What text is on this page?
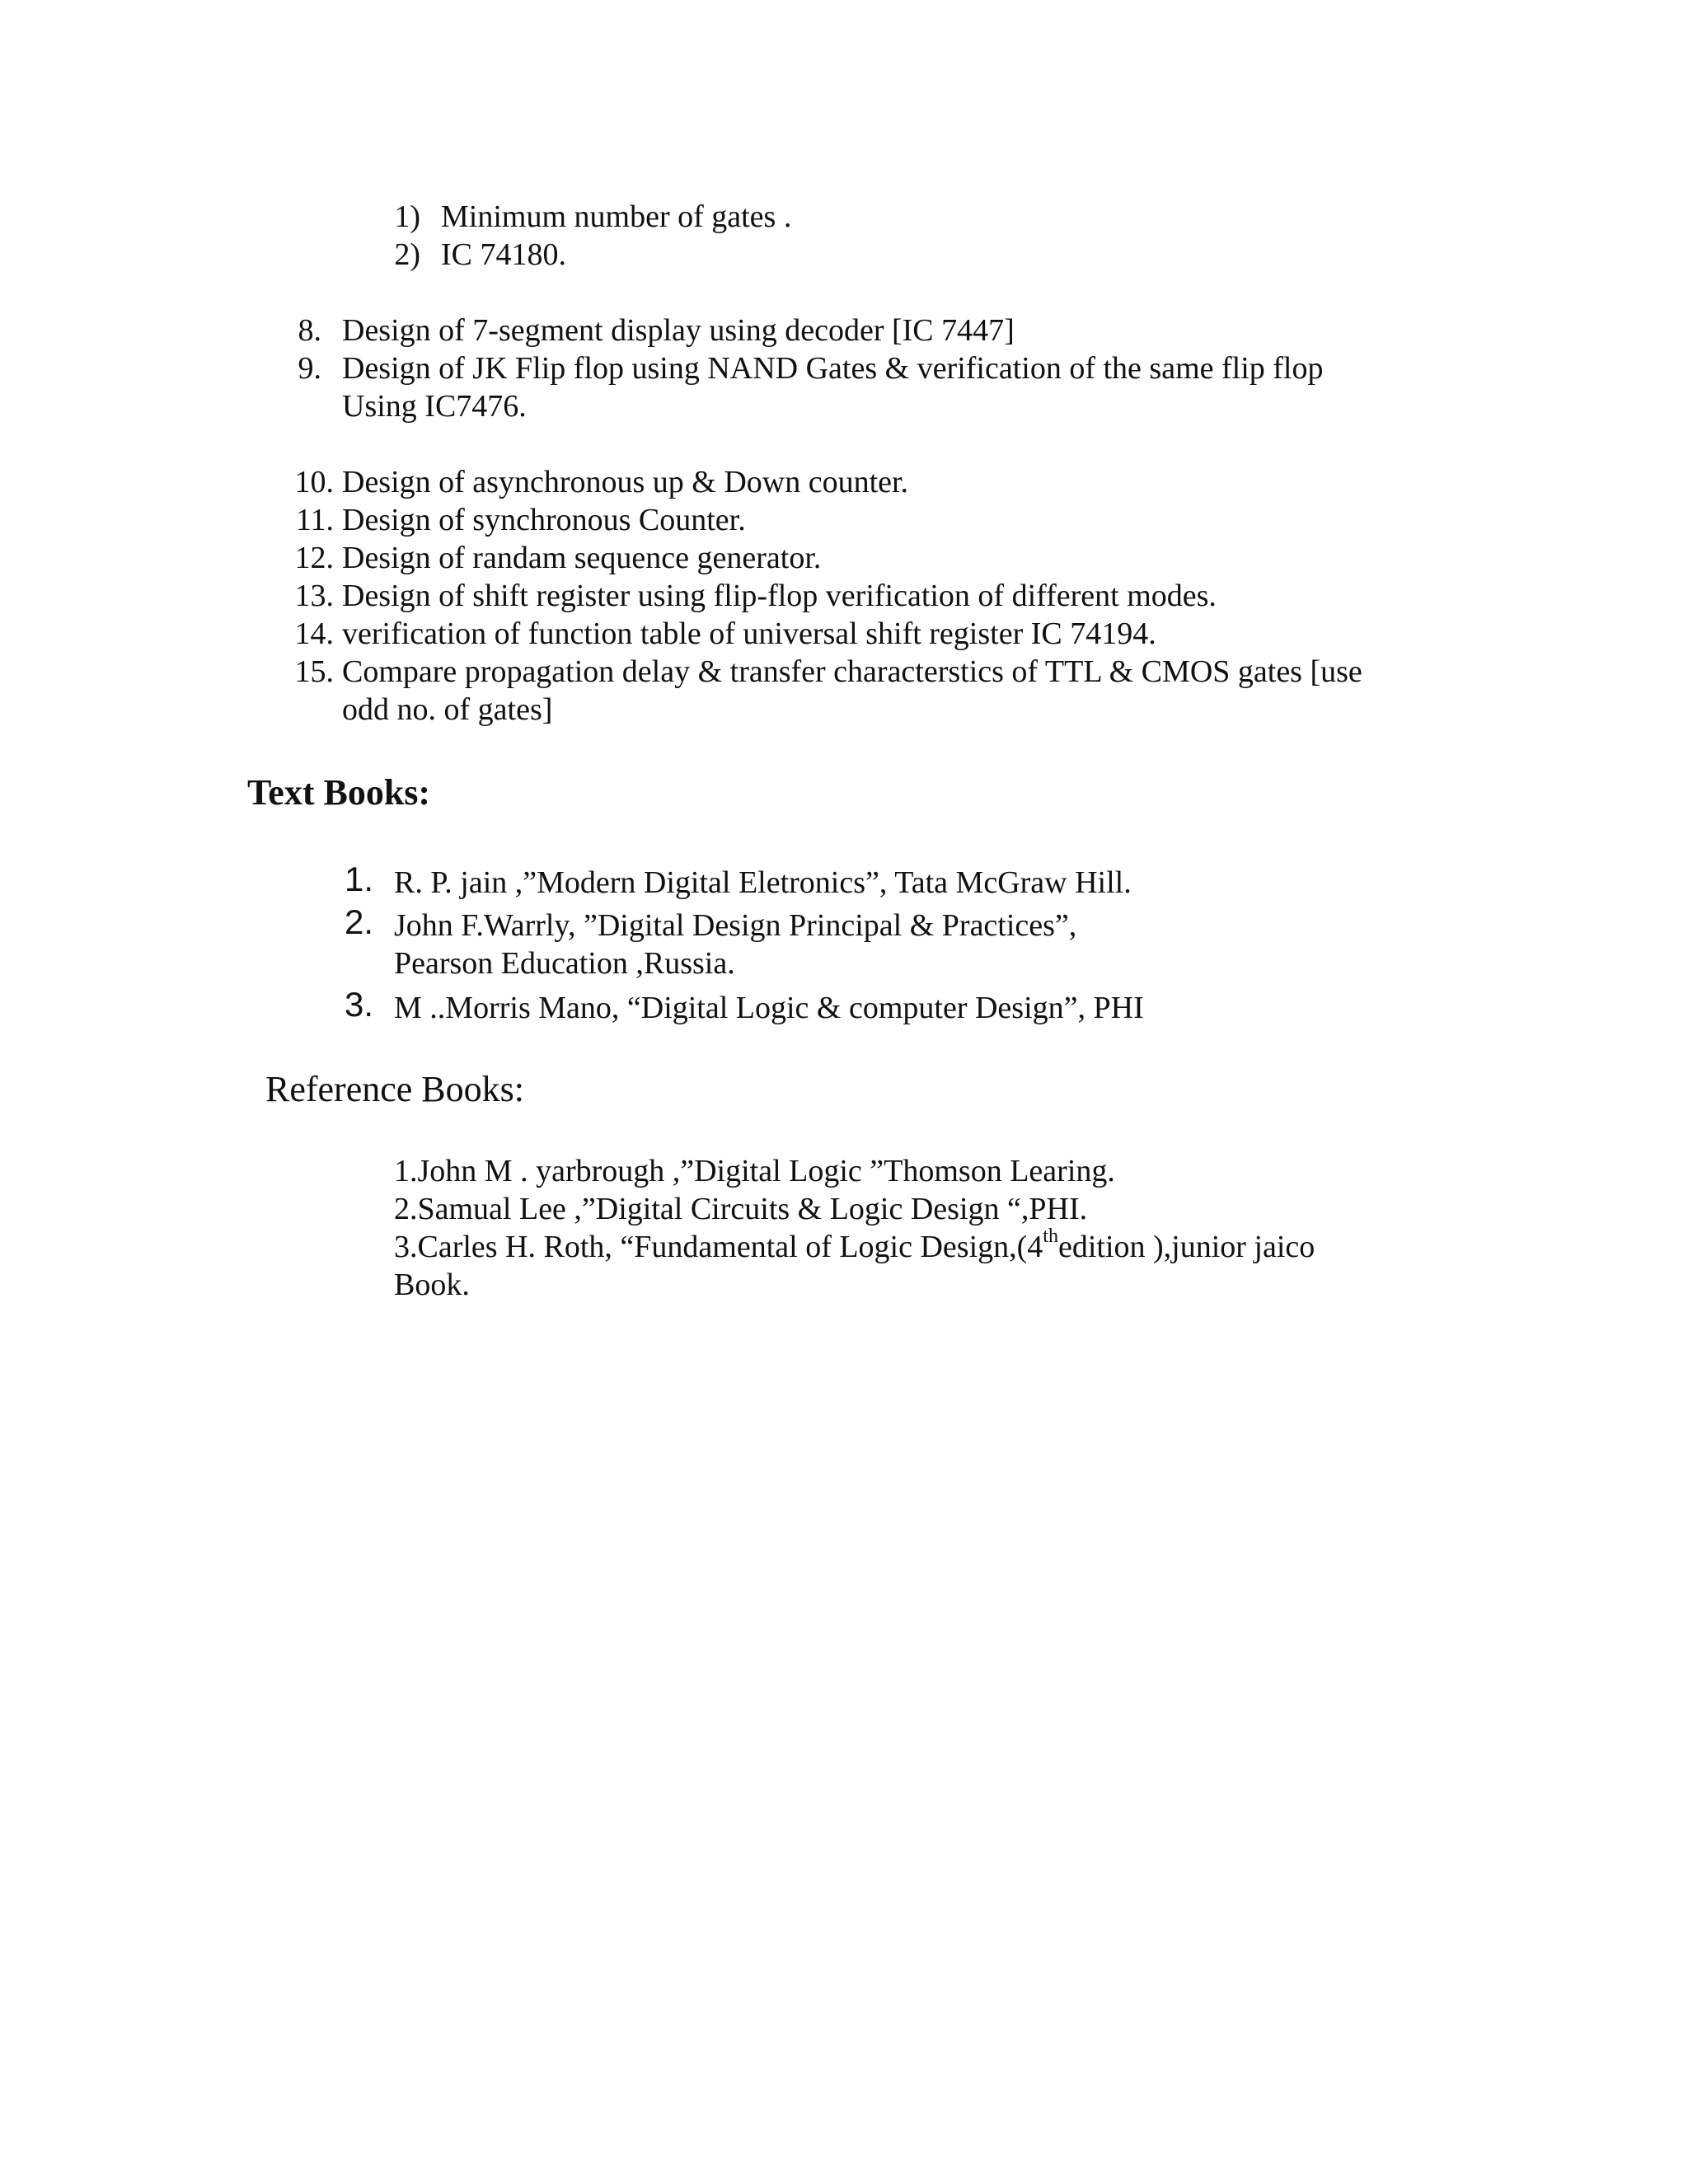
1) Minimum number of gates .
2) IC 74180.
8. Design of 7-segment display using decoder [IC 7447]
9. Design of JK Flip flop using NAND Gates & verification of the same flip flop
Using IC7476.
10. Design of asynchronous up & Down counter.
11. Design of synchronous Counter.
12. Design of randam sequence generator.
13. Design of shift register using flip-flop verification of different modes.
14. verification of function table of universal shift register IC 74194.
15. Compare propagation delay & transfer characterstics of TTL & CMOS gates [use
odd no. of gates]
Text Books:
1. R. P. jain ,”Modern Digital Eletronics”, Tata McGraw Hill.
2. John F.Warrly, ”Digital Design Principal & Practices”,
Pearson Education ,Russia.
3. M ..Morris Mano, “Digital Logic & computer Design”, PHI
Reference Books:
1.John M . yarbrough ,”Digital Logic ”Thomson Learing.
2.Samual Lee ,”Digital Circuits & Logic Design “,PHI.
3.Carles H. Roth, “Fundamental of Logic Design,(4thedition ),junior jaico
Book.
